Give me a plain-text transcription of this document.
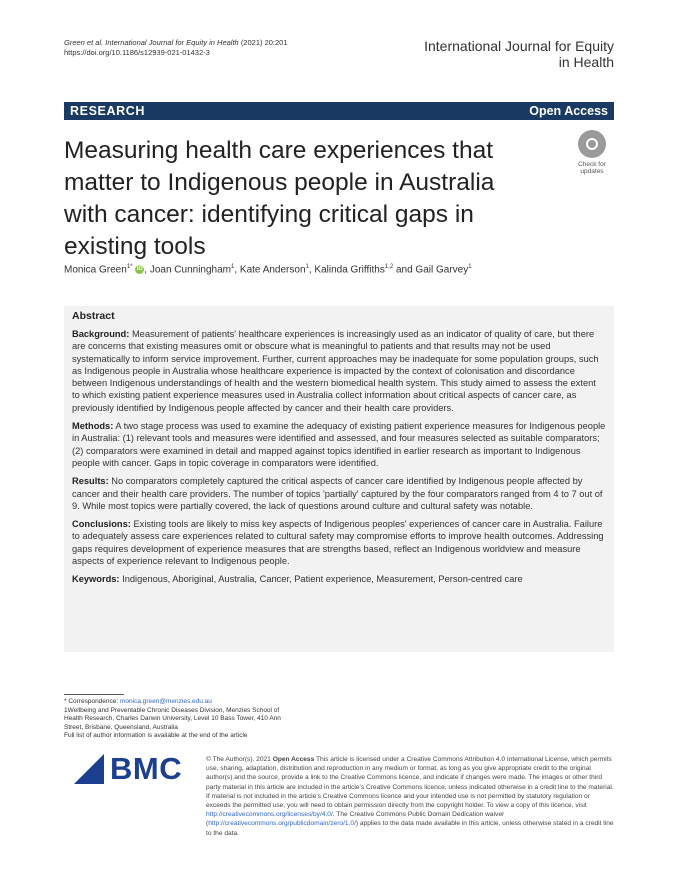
Green et al. International Journal for Equity in Health (2021) 20:201
https://doi.org/10.1186/s12939-021-01432-3	International Journal for Equity in Health
RESEARCH	Open Access
Measuring health care experiences that matter to Indigenous people in Australia with cancer: identifying critical gaps in existing tools
Check for updates
Monica Green$^{1*}$ iD , Joan Cunningham$^1$, Kate Anderson$^1$, Kalinda Griffiths$^{1,2}$ and Gail Garvey$^1$
Abstract

Background: Measurement of patients' healthcare experiences is increasingly used as an indicator of quality of care, but there are concerns that existing measures omit or obscure what is meaningful to patients and that results may not be used systematically to inform service improvement. Further, current approaches may be inadequate for some population groups, such as Indigenous people in Australia whose healthcare experience is impacted by the context of colonisation and discordance between Indigenous understandings of health and the western biomedical health system. This study aimed to assess the extent to which existing patient experience measures used in Australia collect information about critical aspects of cancer care, as previously identified by Indigenous people affected by cancer and their health care providers.

Methods: A two stage process was used to examine the adequacy of existing patient experience measures for Indigenous people in Australia: (1) relevant tools and measures were identified and assessed, and four measures selected as suitable comparators; (2) comparators were examined in detail and mapped against topics identified in earlier research as important to Indigenous people with cancer. Gaps in topic coverage in comparators were identified.

Results: No comparators completely captured the critical aspects of cancer care identified by Indigenous people affected by cancer and their health care providers. The number of topics 'partially' captured by the four comparators ranged from 4 to 7 out of 9. While most topics were partially covered, the lack of questions around culture and cultural safety was notable.

Conclusions: Existing tools are likely to miss key aspects of Indigenous peoples' experiences of cancer care in Australia. Failure to adequately assess care experiences related to cultural safety may compromise efforts to improve health outcomes. Addressing gaps requires development of experience measures that are strengths based, reflect an Indigenous worldview and measure aspects of experience relevant to Indigenous people.

Keywords: Indigenous, Aboriginal, Australia, Cancer, Patient experience, Measurement, Person-centred care

* Correspondence: monica.green@menzies.edu.au
1Wellbeing and Preventable Chronic Diseases Division, Menzies School of Health Research, Charles Darwin University, Level 10 Bass Tower, 410 Ann Street, Brisbane, Queensland, Australia
Full list of author information is available at the end of the article
BMC	© The Author(s). 2021 Open Access This article is licensed under a Creative Commons Attribution 4.0 International License, which permits use, sharing, adaptation, distribution and reproduction in any medium or format, as long as you give appropriate credit to the original author(s) and the source, provide a link to the Creative Commons licence, and indicate if changes were made. The images or other third party material in this article are included in the article's Creative Commons licence, unless indicated otherwise in a credit line to the material. If material is not included in the article's Creative Commons licence and your intended use is not permitted by statutory regulation or exceeds the permitted use, you will need to obtain permission directly from the copyright holder. To view a copy of this licence, visit http://creativecommons.org/licenses/by/4.0/. The Creative Commons Public Domain Dedication waiver (http://creativecommons.org/publicdomain/zero/1.0/) applies to the data made available in this article, unless otherwise stated in a credit line to the data.
